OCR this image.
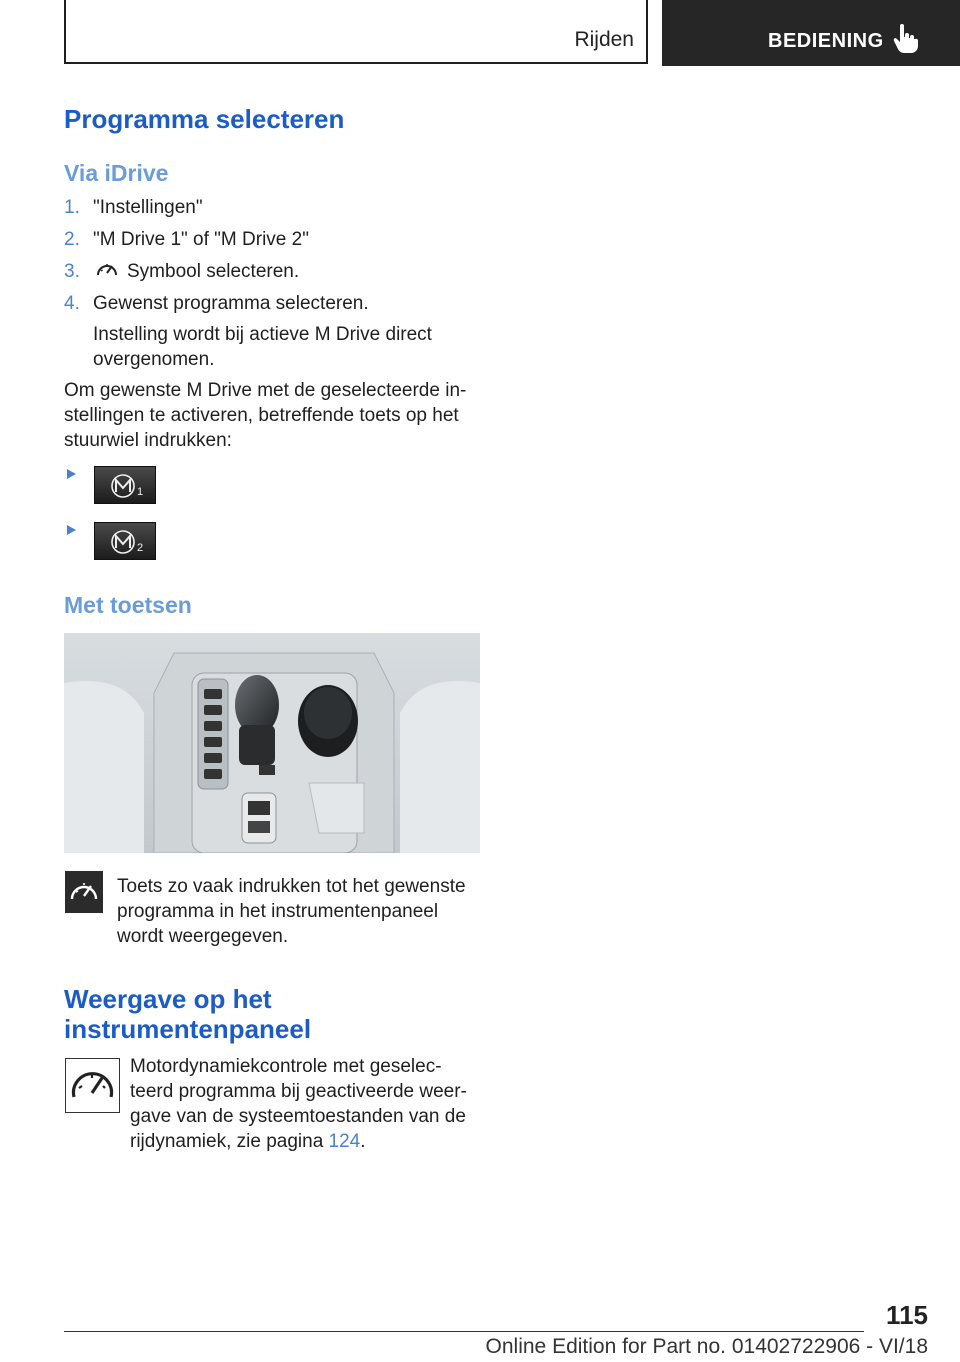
Rijden	BEDIENING
Programma selecteren
Via iDrive
1. "Instellingen"
2. "M Drive 1" of "M Drive 2"
3. Symbool selecteren.
4. Gewenst programma selecteren.
Instelling wordt bij actieve M Drive direct overgenomen.
Om gewenste M Drive met de geselecteerde in-stellingen te activeren, betreffende toets op het stuurwiel indrukken:
1
2
Met toetsen
Toets zo vaak indrukken tot het gewenste programma in het instrumentenpaneel wordt weergegeven.
Weergave op het
instrumentenpaneel
Motordynamiekcontrole met geselec-teerd programma bij geactiveerde weer-gave van de systeemtoestanden van de rijdynamiek, zie pagina 124.
115
Online Edition for Part no. 01402722906 - VI/18
